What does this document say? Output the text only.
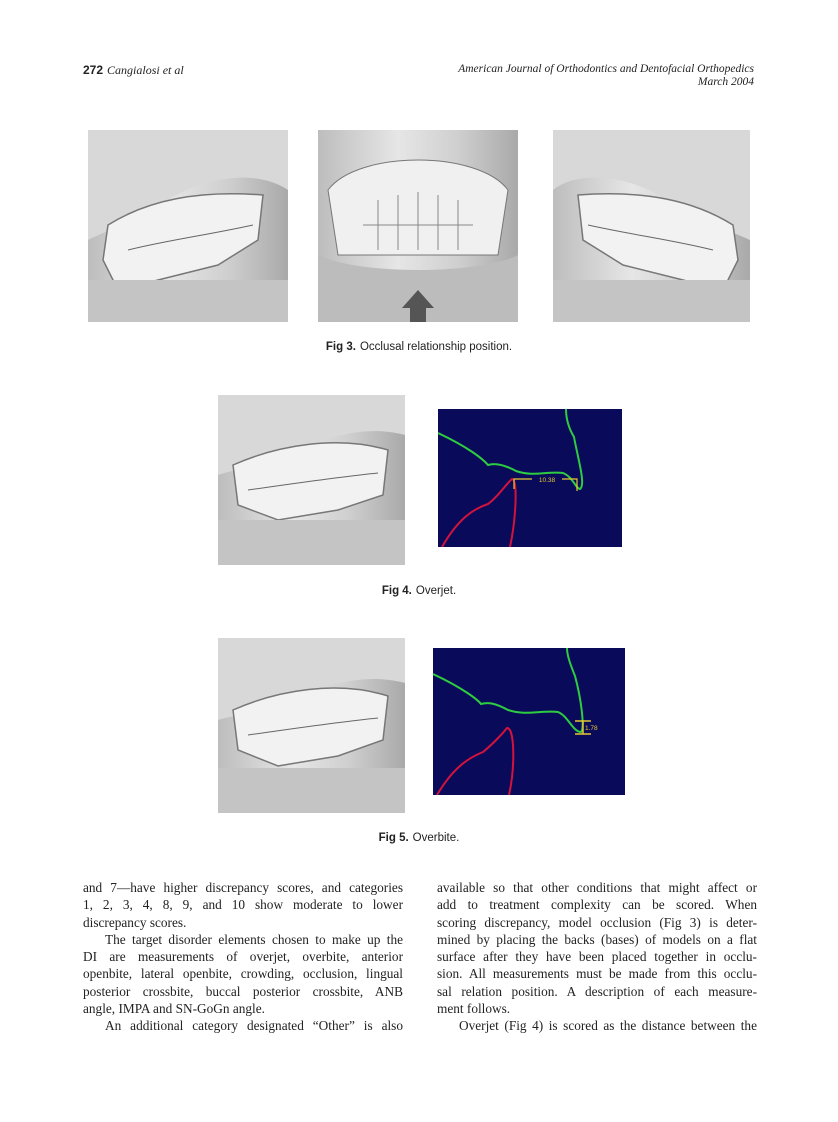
272 Cangialosi et al	American Journal of Orthodontics and Dentofacial Orthopedics
March 2004
Fig 3. Occlusal relationship position.
10.38
Fig 4. Overjet.
1.78
Fig 5. Overbite.
and 7—have higher discrepancy scores, and categories
1, 2, 3, 4, 8, 9, and 10 show moderate to lower
discrepancy scores.
The target disorder elements chosen to make up the
DI are measurements of overjet, overbite, anterior
openbite, lateral openbite, crowding, occlusion, lingual
posterior crossbite, buccal posterior crossbite, ANB
angle, IMPA and SN-GoGn angle.
An additional category designated “Other” is also
available so that other conditions that might affect or
add to treatment complexity can be scored. When
scoring discrepancy, model occlusion (Fig 3) is deter-
mined by placing the backs (bases) of models on a flat
surface after they have been placed together in occlu-
sion. All measurements must be made from this occlu-
sal relation position. A description of each measure-
ment follows.
Overjet (Fig 4) is scored as the distance between the
